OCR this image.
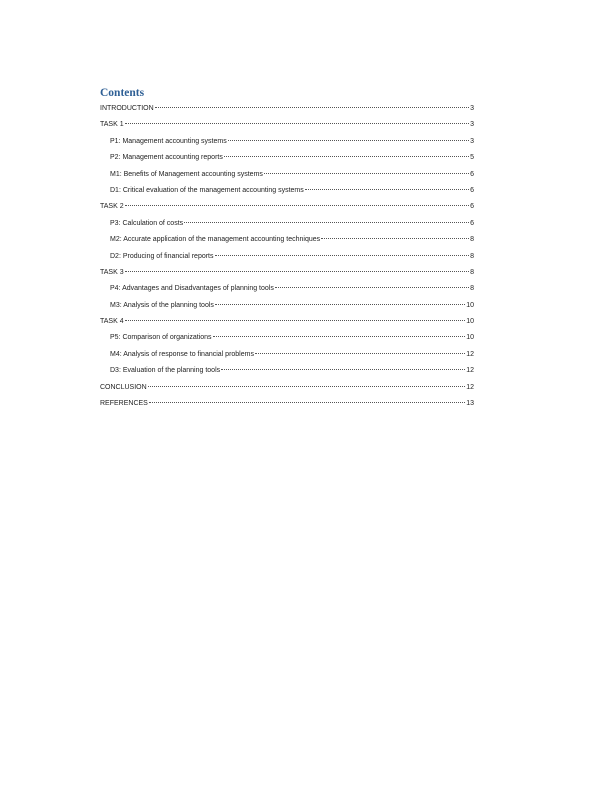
Contents
INTRODUCTION	3
TASK 1	3
P1: Management accounting systems	3
P2: Management accounting reports	5
M1: Benefits of Management accounting systems	6
D1: Critical evaluation of the management accounting systems	6
TASK 2	6
P3: Calculation of costs	6
M2: Accurate application of the management accounting techniques	8
D2: Producing of financial reports	8
TASK 3	8
P4: Advantages and Disadvantages of planning tools	8
M3: Analysis of the planning tools	10
TASK 4	10
P5: Comparison of organizations	10
M4: Analysis of response to financial problems	12
D3: Evaluation of the planning tools	12
CONCLUSION	12
REFERENCES	13
